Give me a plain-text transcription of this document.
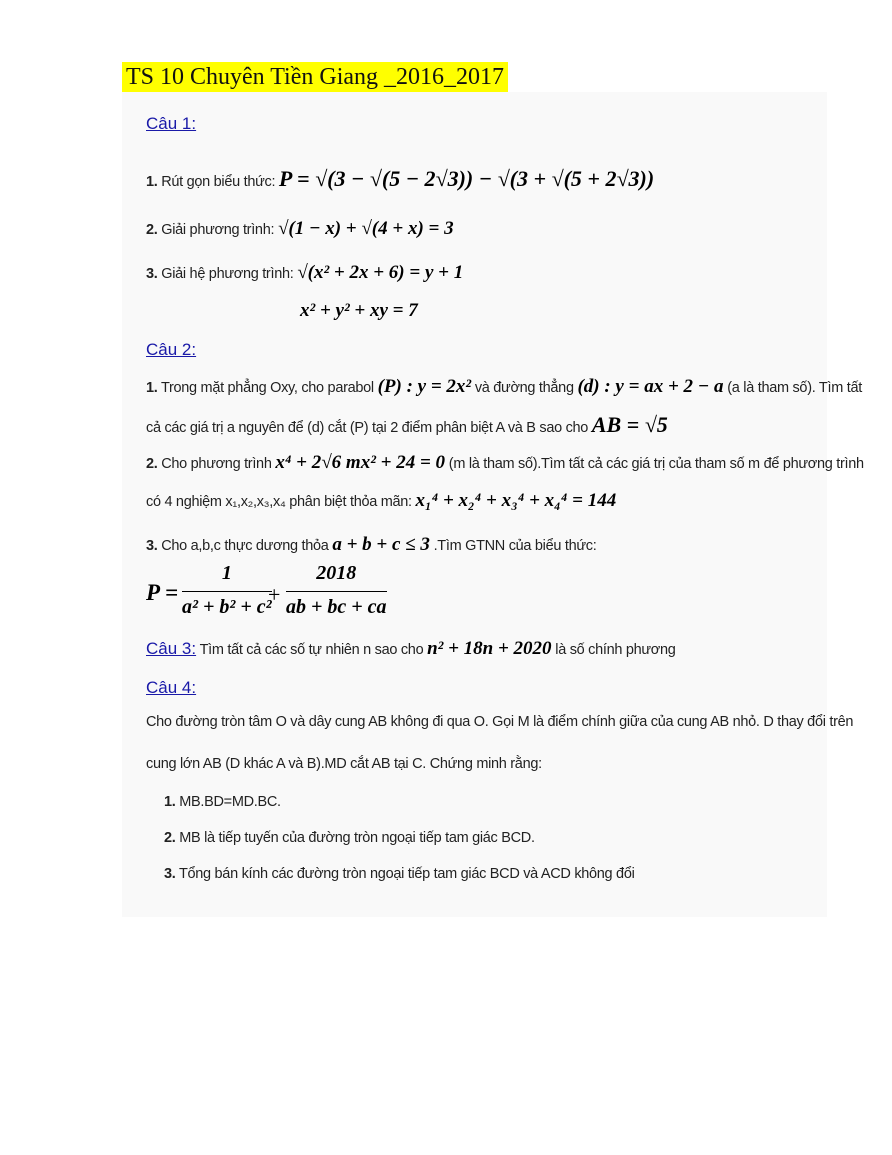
TS 10 Chuyên Tiền Giang _2016_2017
Câu 1:
1. Rút gọn biểu thức: P = √(3 − √(5 − 2√3)) − √(3 + √(5 + 2√3))
2. Giải phương trình: √(1 − x) + √(4 + x) = 3
3. Giải hệ phương trình: √(x² + 2x + 6) = y + 1
x² + y² + xy = 7
Câu 2:
1. Trong mặt phẳng Oxy, cho parabol (P) : y = 2x² và đường thẳng (d) : y = ax + 2 − a (a là tham số). Tìm tất
cả các giá trị a nguyên để (d) cắt (P) tại 2 điểm phân biệt A và B sao cho AB = √5
2. Cho phương trình x⁴ + 2√6 mx² + 24 = 0 (m là tham số).Tìm tất cả các giá trị của tham số m để phương trình
có 4 nghiệm x₁,x₂,x₃,x₄ phân biệt thỏa mãn: x₁⁴ + x₂⁴ + x₃⁴ + x₄⁴ = 144
3. Cho a,b,c thực dương thỏa a + b + c ≤ 3 .Tìm GTNN của biểu thức:
$P = \frac{1}{\text{a² + b² + c²}}$
+ $\frac{2018}{ab + bc + ca}$
Câu 3: Tìm tất cả các số tự nhiên n sao cho n² + 18n + 2020 là số chính phương
Câu 4:
Cho đường tròn tâm O và dây cung AB không đi qua O. Gọi M là điểm chính giữa của cung AB nhỏ. D thay đổi trên
cung lớn AB (D khác A và B).MD cắt AB tại C. Chứng minh rằng:
1. MB.BD=MD.BC.
2. MB là tiếp tuyến của đường tròn ngoại tiếp tam giác BCD.
3. Tổng bán kính các đường tròn ngoại tiếp tam giác BCD và ACD không đổi
